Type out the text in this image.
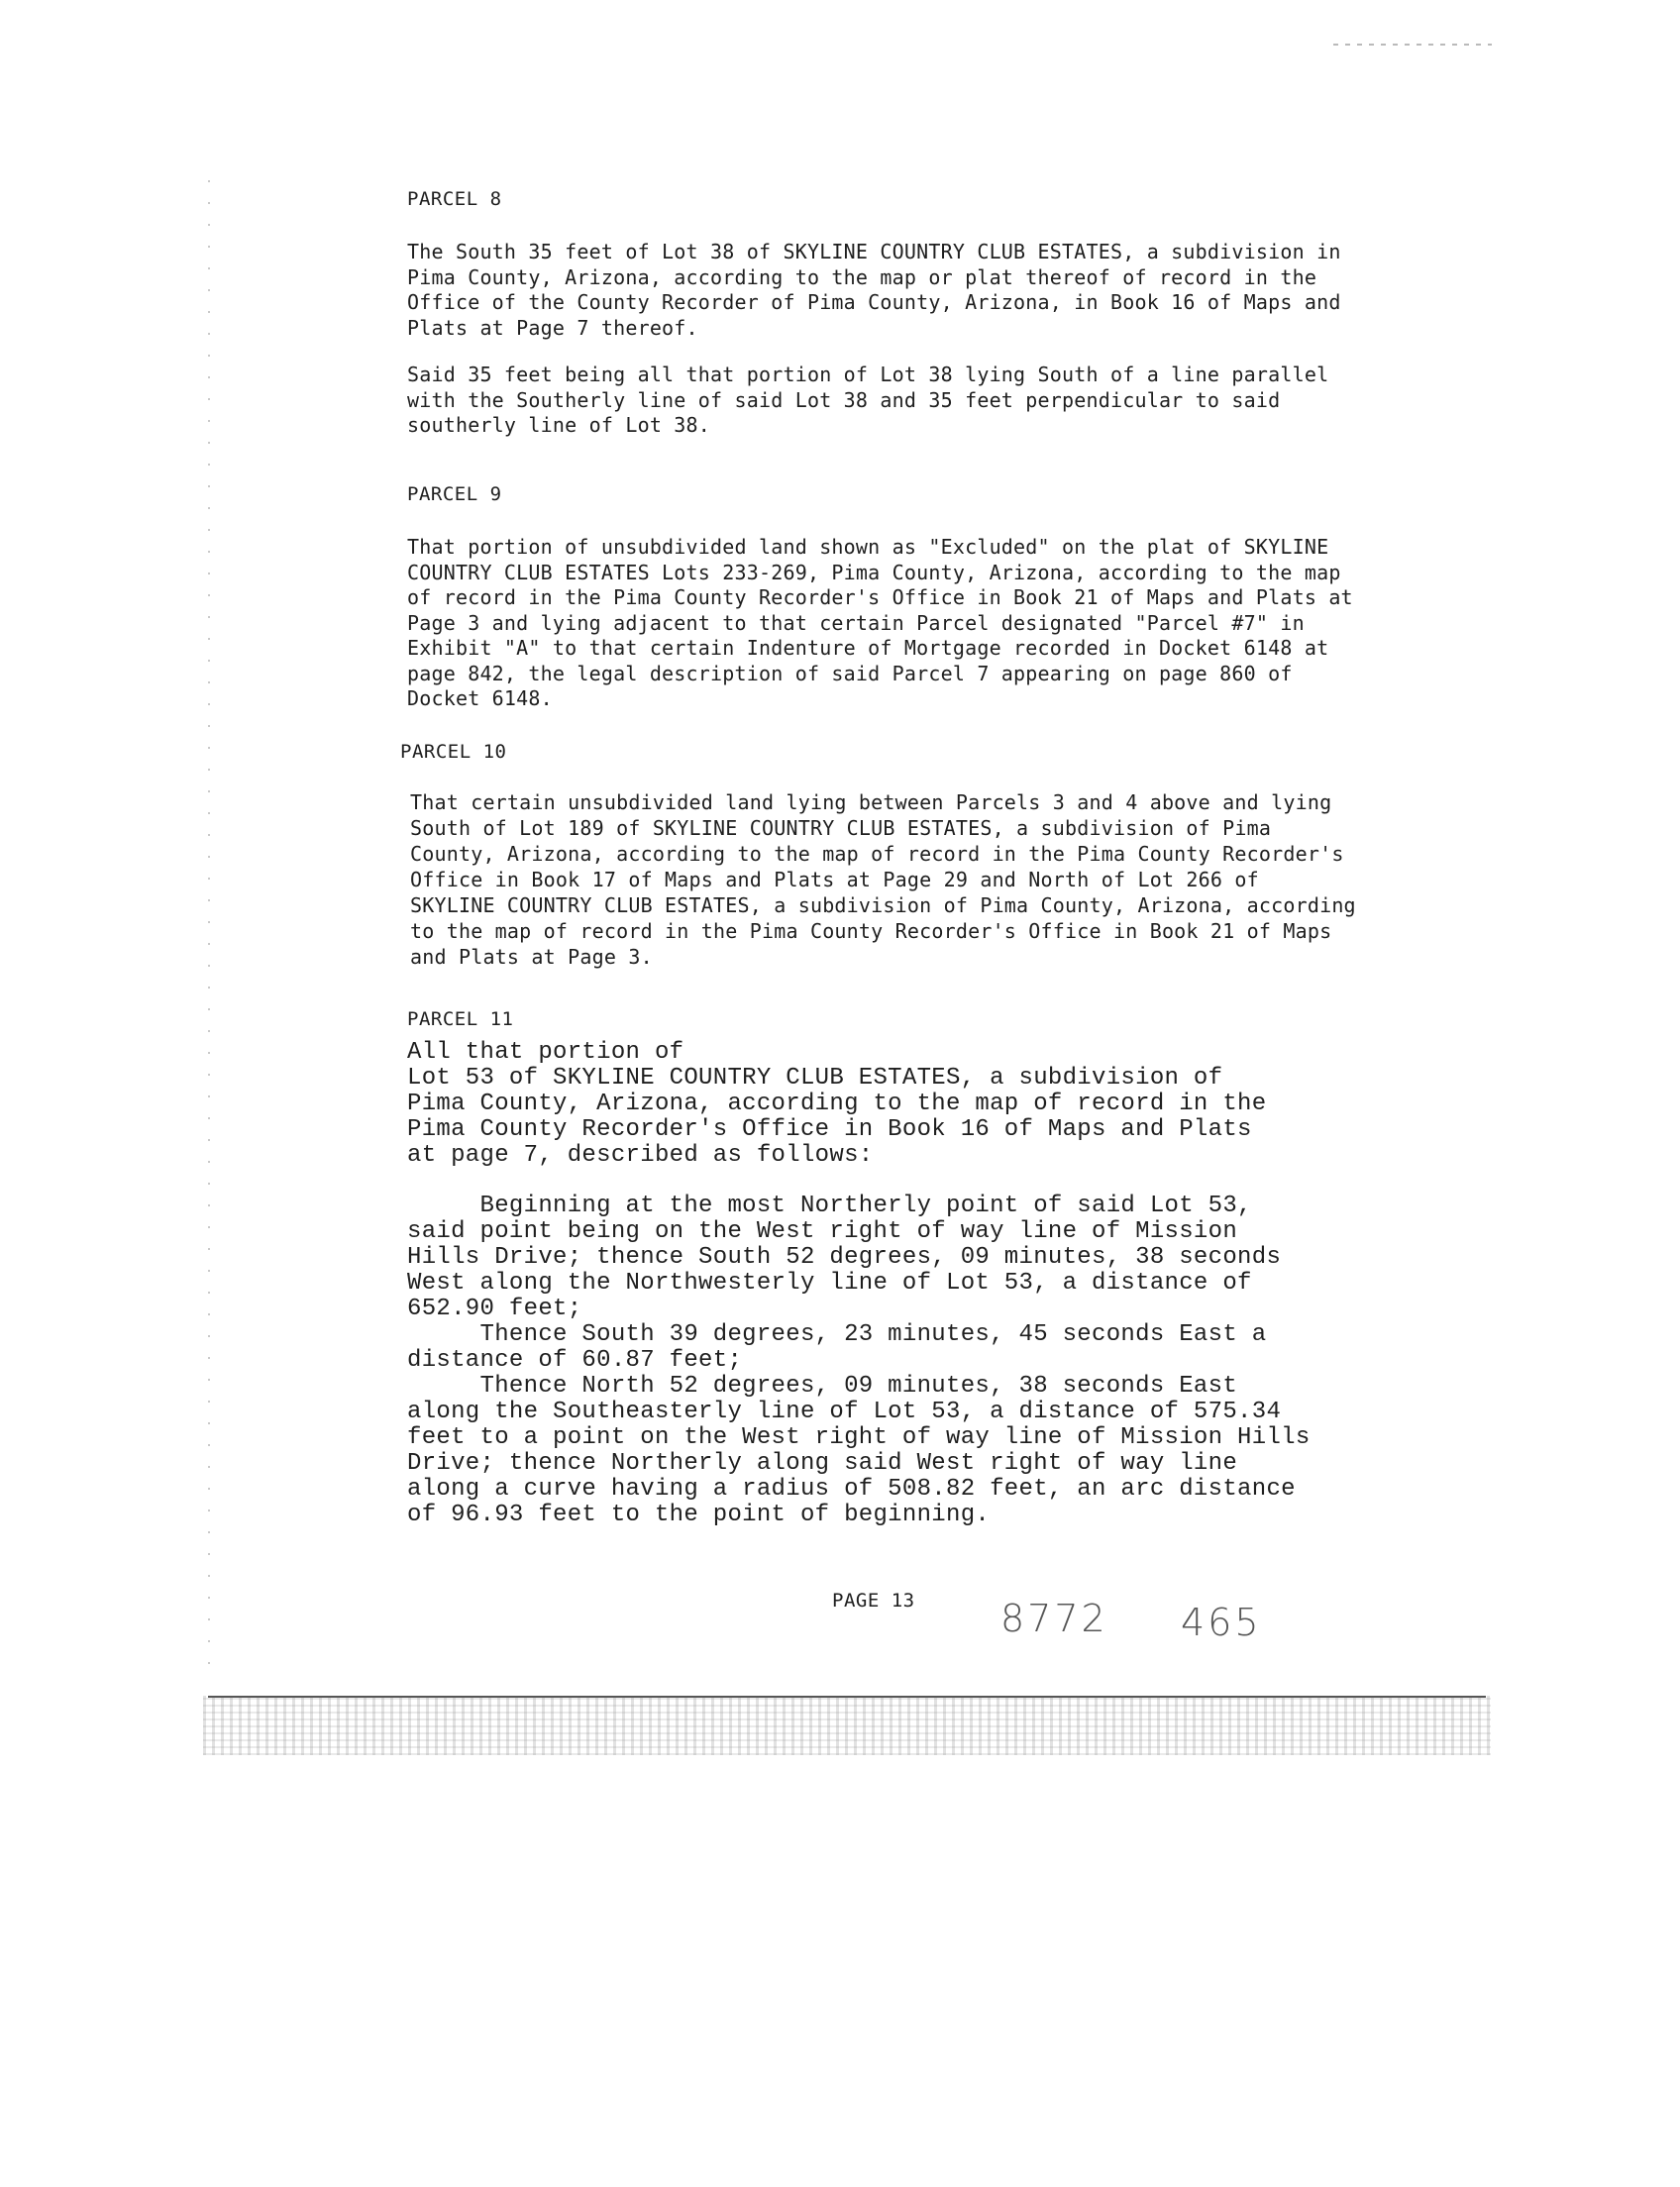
PARCEL 8
The South 35 feet of Lot 38 of SKYLINE COUNTRY CLUB ESTATES, a subdivision in
Pima County, Arizona, according to the map or plat thereof of record in the
Office of the County Recorder of Pima County, Arizona, in Book 16 of Maps and
Plats at Page 7 thereof.
Said 35 feet being all that portion of Lot 38 lying South of a line parallel
with the Southerly line of said Lot 38 and 35 feet perpendicular to said
southerly line of Lot 38.
PARCEL 9
That portion of unsubdivided land shown as "Excluded" on the plat of SKYLINE
COUNTRY CLUB ESTATES Lots 233-269, Pima County, Arizona, according to the map
of record in the Pima County Recorder's Office in Book 21 of Maps and Plats at
Page 3 and lying adjacent to that certain Parcel designated "Parcel #7" in
Exhibit "A" to that certain Indenture of Mortgage recorded in Docket 6148 at
page 842, the legal description of said Parcel 7 appearing on page 860 of
Docket 6148.
PARCEL 10
That certain unsubdivided land lying between Parcels 3 and 4 above and lying
South of Lot 189 of SKYLINE COUNTRY CLUB ESTATES, a subdivision of Pima
County, Arizona, according to the map of record in the Pima County Recorder's
Office in Book 17 of Maps and Plats at Page 29 and North of Lot 266 of
SKYLINE COUNTRY CLUB ESTATES, a subdivision of Pima County, Arizona, according
to the map of record in the Pima County Recorder's Office in Book 21 of Maps
and Plats at Page 3.
PARCEL 11
All that portion of
Lot 53 of SKYLINE COUNTRY CLUB ESTATES, a subdivision of
Pima County, Arizona, according to the map of record in the
Pima County Recorder's Office in Book 16 of Maps and Plats
at page 7, described as follows:
Beginning at the most Northerly point of said Lot 53,
said point being on the West right of way line of Mission
Hills Drive; thence South 52 degrees, 09 minutes, 38 seconds
West along the Northwesterly line of Lot 53, a distance of
652.90 feet;
Thence South 39 degrees, 23 minutes, 45 seconds East a
distance of 60.87 feet;
Thence North 52 degrees, 09 minutes, 38 seconds East
along the Southeasterly line of Lot 53, a distance of 575.34
feet to a point on the West right of way line of Mission Hills
Drive; thence Northerly along said West right of way line
along a curve having a radius of 508.82 feet, an arc distance
of 96.93 feet to the point of beginning.
PAGE 13 8772 465
